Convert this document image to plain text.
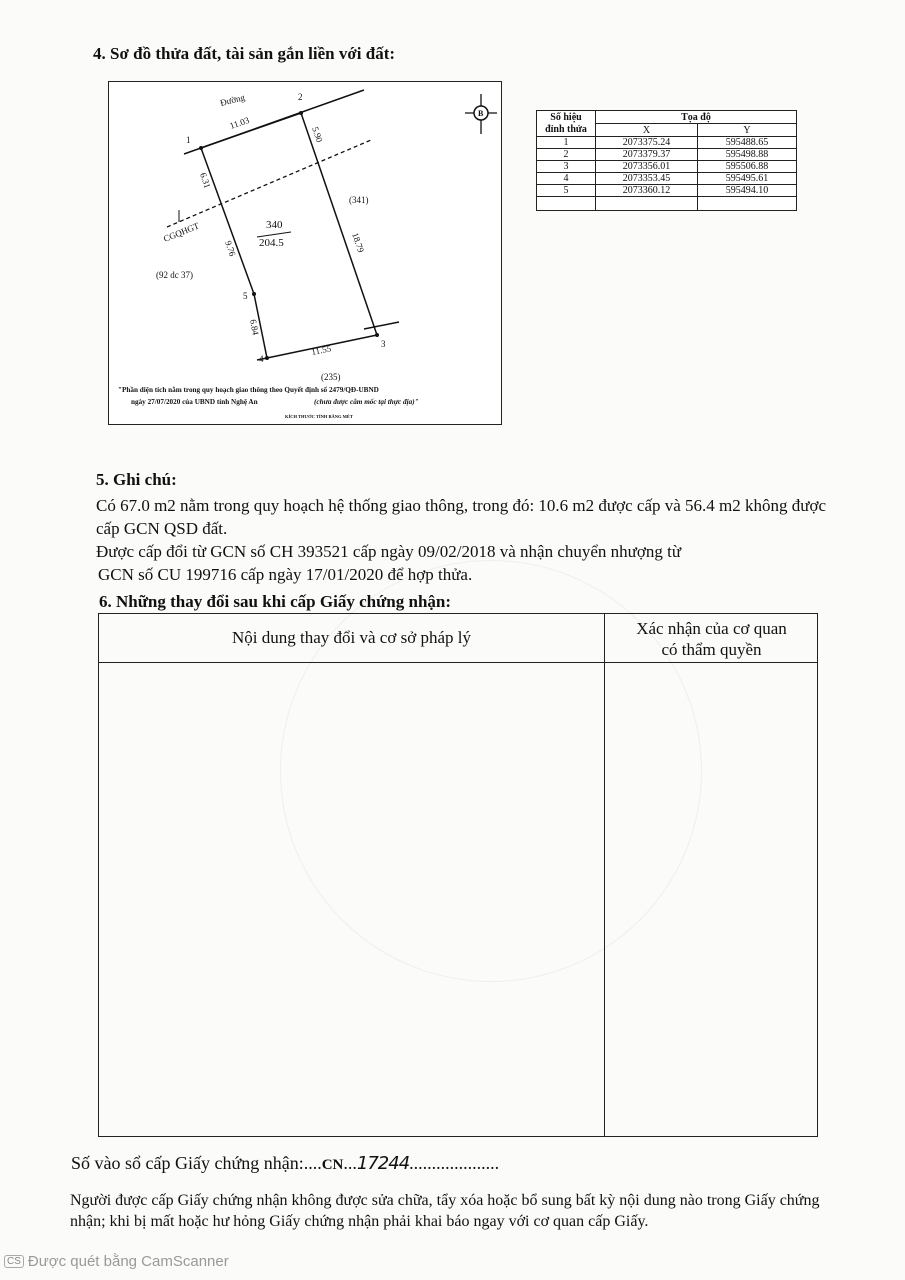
4. Sơ đồ thửa đất, tài sản gắn liền với đất:
B
Đường
11.03
5.90
6.31
9.76
6.84
11.55
18.79
340
204.5
(341)
(92 dc 37)
(235)
CGQHGT
1
2
3
4
5
"Phần diện tích nằm trong quy hoạch giao thông theo Quyết định số 2479/QĐ-UBND
ngày 27/07/2020 của UBND tỉnh Nghệ An	(chưa được cắm mốc tại thực địa)"
KÍCH THƯỚC TÍNH BẰNG MÉT
Số hiệu
đỉnh thửa	Tọa độ	
	X	Y
1	2073375.24	595488.65
2	2073379.37	595498.88
3	2073356.01	595506.88
4	2073353.45	595495.61
5	2073360.12	595494.10

5. Ghi chú:

Có 67.0 m2 nằm trong quy hoạch hệ thống giao thông, trong đó: 10.6 m2 được cấp và 56.4 m2 không được cấp GCN QSD đất.

Được cấp đổi từ GCN số CH 393521 cấp ngày 09/02/2018 và nhận chuyển nhượng từ

GCN số CU 199716 cấp ngày 17/01/2020 để hợp thửa.

6. Những thay đổi sau khi cấp Giấy chứng nhận:
Nội dung thay đổi và cơ sở pháp lý	Xác nhận của cơ quan
có thẩm quyền
Số vào sổ cấp Giấy chứng nhận:....CN...17244....................
Người được cấp Giấy chứng nhận không được sửa chữa, tẩy xóa hoặc bổ sung bất kỳ nội dung nào trong Giấy chứng nhận; khi bị mất hoặc hư hỏng Giấy chứng nhận phải khai báo ngay với cơ quan cấp Giấy.
CS Được quét bằng CamScanner
